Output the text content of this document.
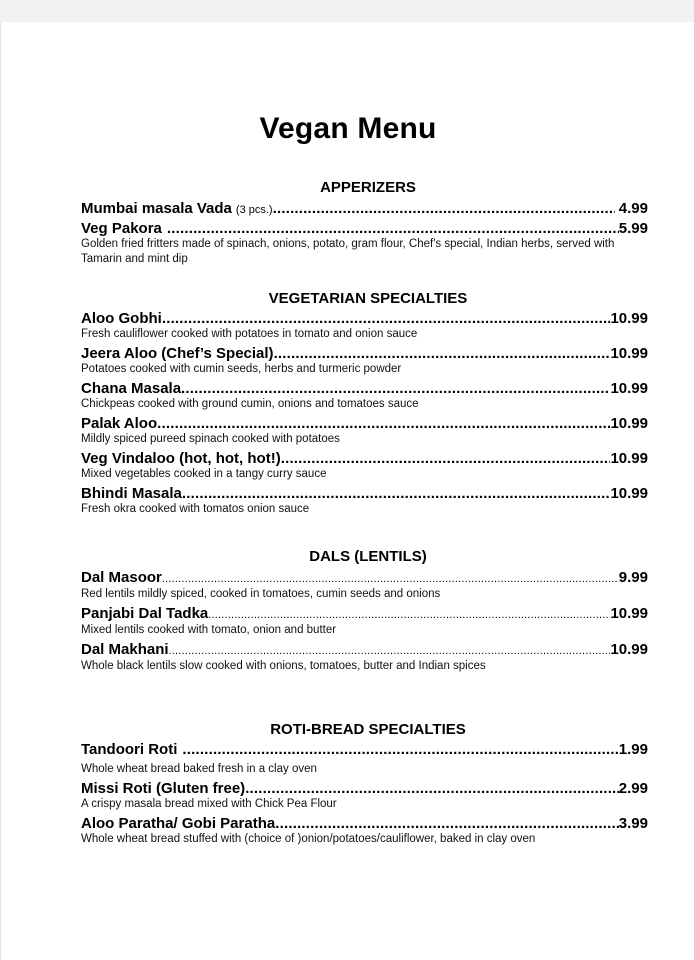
Vegan Menu
APPERIZERS
Mumbai masala Vada (3 pcs.) .....	4.99
Veg Pakora .....	5.99
Golden fried fritters made of spinach, onions, potato, gram flour, Chef's special, Indian herbs, served with Tamarin and mint dip
VEGETARIAN SPECIALTIES
Aloo Gobhi .....	10.99
Fresh cauliflower cooked with potatoes in tomato and onion sauce
Jeera Aloo (Chef’s Special) .....	10.99
Potatoes cooked with cumin seeds, herbs and turmeric powder
Chana Masala .....	10.99
Chickpeas cooked with ground cumin, onions and tomatoes sauce
Palak Aloo .....	10.99
Mildly spiced pureed spinach cooked with potatoes
Veg Vindaloo (hot, hot, hot!) .....	10.99
Mixed vegetables cooked in a tangy curry sauce
Bhindi Masala .....	10.99
Fresh okra cooked with tomatos onion sauce
DALS (LENTILS)
Dal Masoor .....	9.99
Red lentils mildly spiced, cooked in tomatoes, cumin seeds and onions
Panjabi Dal Tadka .....	10.99
Mixed lentils cooked with tomato, onion and butter
Dal Makhani .....	10.99
Whole black lentils slow cooked with onions, tomatoes, butter and Indian spices
ROTI-BREAD SPECIALTIES
Tandoori Roti .....	1.99
Whole wheat bread baked fresh in a clay oven
Missi Roti (Gluten free) .....	2.99
A crispy masala bread mixed with Chick Pea Flour
Aloo Paratha/ Gobi Paratha .....	3.99
Whole wheat bread stuffed with (choice of )onion/potatoes/cauliflower, baked in clay oven
